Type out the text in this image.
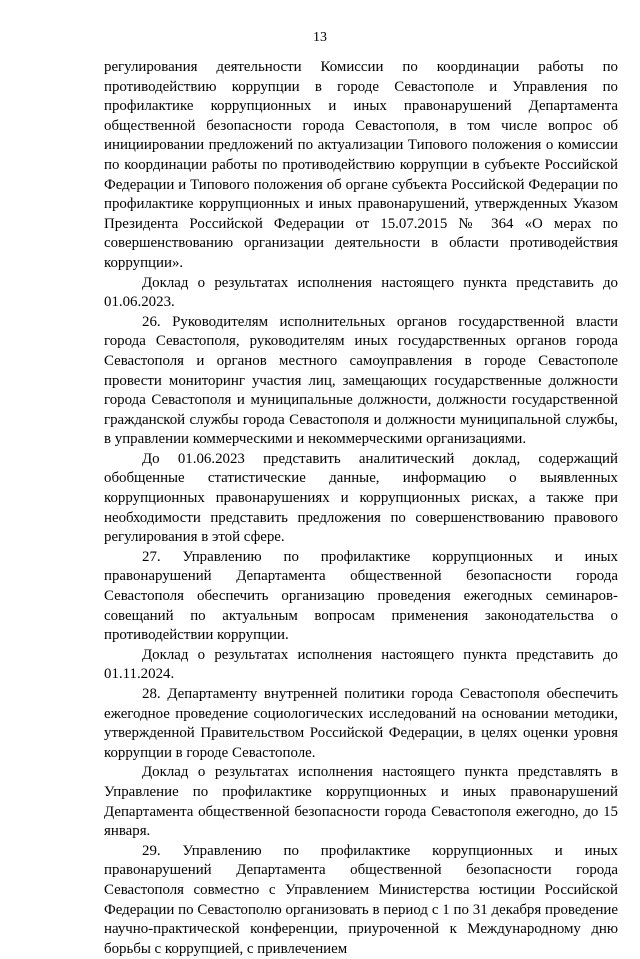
13

регулирования деятельности Комиссии по координации работы по противодействию коррупции в городе Севастополе и Управления по профилактике коррупционных и иных правонарушений Департамента общественной безопасности города Севастополя, в том числе вопрос об инициировании предложений по актуализации Типового положения о комиссии по координации работы по противодействию коррупции в субъекте Российской Федерации и Типового положения об органе субъекта Российской Федерации по профилактике коррупционных и иных правонарушений, утвержденных Указом Президента Российской Федерации от 15.07.2015 № 364 «О мерах по совершенствованию организации деятельности в области противодействия коррупции».

Доклад о результатах исполнения настоящего пункта представить до 01.06.2023.

26. Руководителям исполнительных органов государственной власти города Севастополя, руководителям иных государственных органов города Севастополя и органов местного самоуправления в городе Севастополе провести мониторинг участия лиц, замещающих государственные должности города Севастополя и муниципальные должности, должности государственной гражданской службы города Севастополя и должности муниципальной службы, в управлении коммерческими и некоммерческими организациями.

До 01.06.2023 представить аналитический доклад, содержащий обобщенные статистические данные, информацию о выявленных коррупционных правонарушениях и коррупционных рисках, а также при необходимости представить предложения по совершенствованию правового регулирования в этой сфере.

27. Управлению по профилактике коррупционных и иных правонарушений Департамента общественной безопасности города Севастополя обеспечить организацию проведения ежегодных семинаров-совещаний по актуальным вопросам применения законодательства о противодействии коррупции.

Доклад о результатах исполнения настоящего пункта представить до 01.11.2024.

28. Департаменту внутренней политики города Севастополя обеспечить ежегодное проведение социологических исследований на основании методики, утвержденной Правительством Российской Федерации, в целях оценки уровня коррупции в городе Севастополе.

Доклад о результатах исполнения настоящего пункта представлять в Управление по профилактике коррупционных и иных правонарушений Департамента общественной безопасности города Севастополя ежегодно, до 15 января.

29. Управлению по профилактике коррупционных и иных правонарушений Департамента общественной безопасности города Севастополя совместно с Управлением Министерства юстиции Российской Федерации по Севастополю организовать в период с 1 по 31 декабря проведение научно-практической конференции, приуроченной к Международному дню борьбы с коррупцией, с привлечением
